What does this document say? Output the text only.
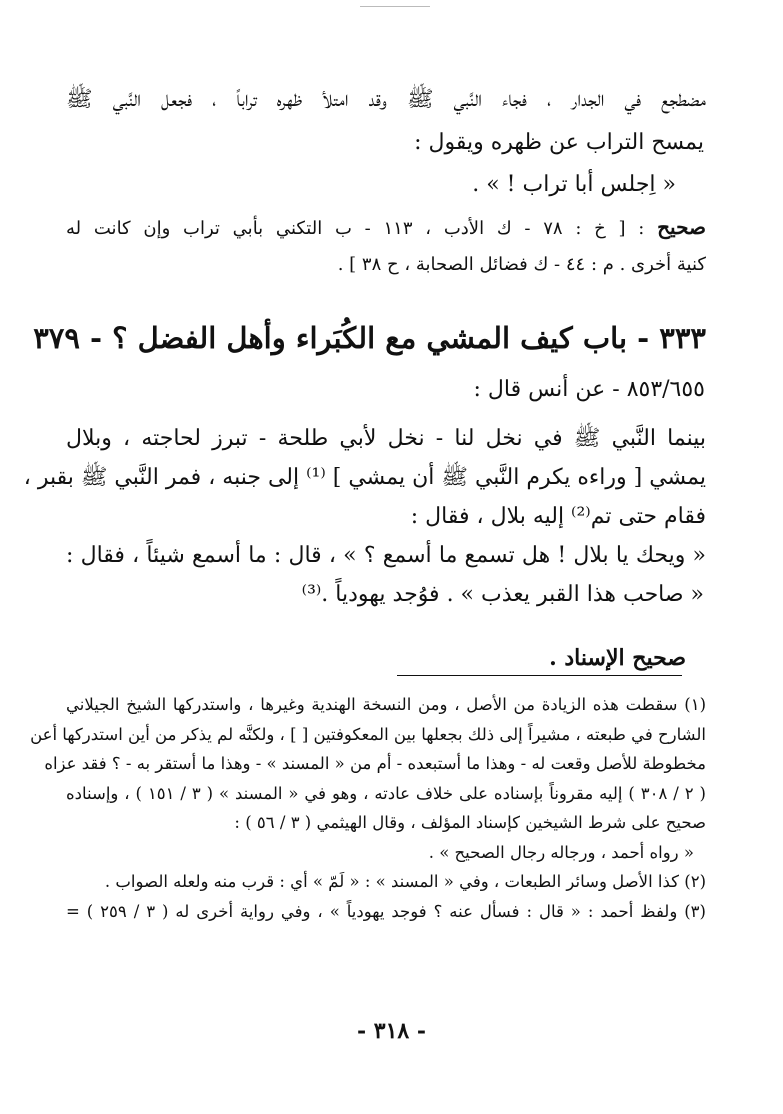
مضطجع في الجدار ، فجاء النَّبي ﷺ وقد امتلأ ظهره تراباً ، فجعل النَّبي ﷺ
يمسح التراب عن ظهره ويقول :
« اِجلس أبا تراب ! » .
صحيح : [ خ : ٧٨ - ك الأدب ، ١١٣ - ب التكني بأبي تراب وإن كانت له
كنية أخرى . م : ٤٤ - ك فضائل الصحابة ، ح ٣٨ ] .
٣٣٣ - باب كيف المشي مع الكُبَراء وأهل الفضل ؟ - ٣٧٩
٨٥٣/٦٥٥ - عن أنس قال :
بينما النَّبي ﷺ في نخل لنا - نخل لأبي طلحة - تبرز لحاجته ، وبلال
يمشي [ وراءه يكرم النَّبي ﷺ أن يمشي ] ⁽¹⁾ إلى جنبه ، فمر النَّبي ﷺ بقبر ،
فقام حتى تم⁽²⁾ إليه بلال ، فقال :
« ويحك يا بلال ! هل تسمع ما أسمع ؟ » ، قال : ما أسمع شيئاً ، فقال :
« صاحب هذا القبر يعذب » . فوُجد يهودياً .⁽³⁾
صحيح الإسناد .
(١) سقطت هذه الزيادة من الأصل ، ومن النسخة الهندية وغيرها ، واستدركها الشيخ الجيلاني
الشارح في طبعته ، مشيراً إلى ذلك بجعلها بين المعكوفتين [ ] ، ولكنَّه لم يذكر من أين استدركها أعن
مخطوطة للأصل وقعت له - وهذا ما أستبعده - أم من « المسند » - وهذا ما أستقر به - ؟ فقد عزاه
( ٢ / ٣٠٨ ) إليه مقروناً بإسناده على خلاف عادته ، وهو في « المسند » ( ٣ / ١٥١ ) ، وإسناده
صحيح على شرط الشيخين كإسناد المؤلف ، وقال الهيثمي ( ٣ / ٥٦ ) :
« رواه أحمد ، ورجاله رجال الصحيح » .
(٢) كذا الأصل وسائر الطبعات ، وفي « المسند » : « لَمّ » أي : قرب منه ولعله الصواب .
(٣) ولفظ أحمد : « قال : فسأل عنه ؟ فوجد يهودياً » ، وفي رواية أخرى له ( ٣ / ٢٥٩ ) =
- ٣١٨ -
